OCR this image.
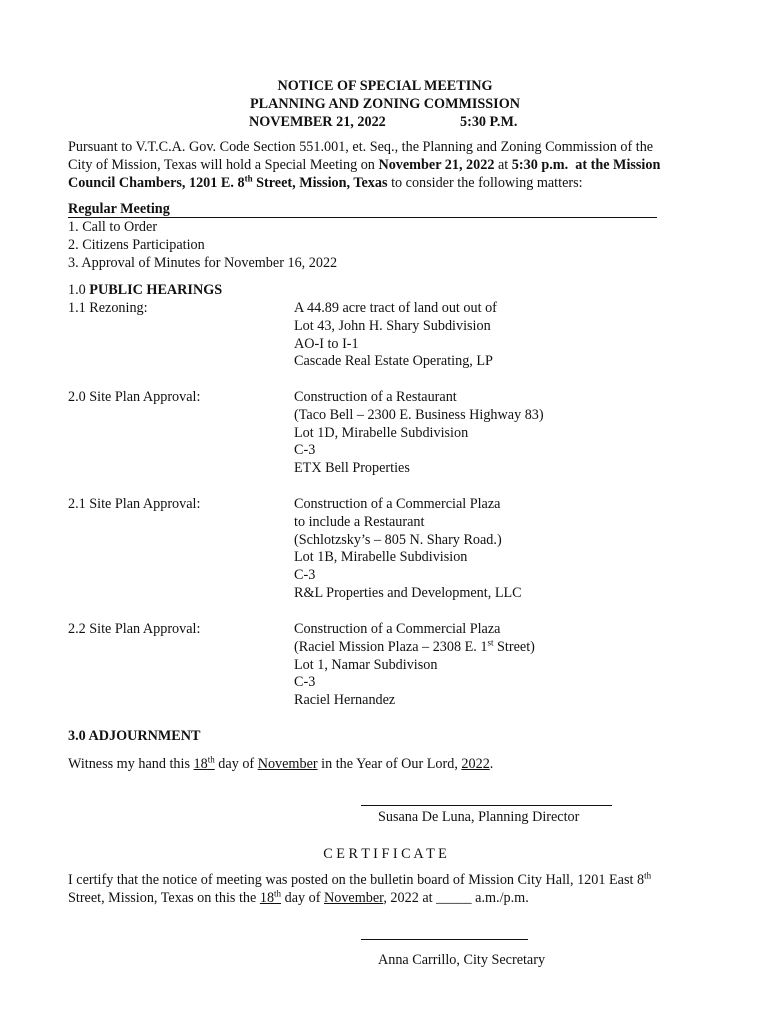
NOTICE OF SPECIAL MEETING
PLANNING AND ZONING COMMISSION
NOVEMBER 21, 2022	5:30 P.M.
Pursuant to V.T.C.A. Gov. Code Section 551.001, et. Seq., the Planning and Zoning Commission of the
City of Mission, Texas will hold a Special Meeting on November 21, 2022 at 5:30 p.m.  at the Mission
Council Chambers, 1201 E. 8th Street, Mission, Texas to consider the following matters:
Regular Meeting
1. Call to Order
2. Citizens Participation
3. Approval of Minutes for November 16, 2022
1.0 PUBLIC HEARINGS
1.1 Rezoning:	A 44.89 acre tract of land out out of
Lot 43, John H. Shary Subdivision
AO-I to I-1
Cascade Real Estate Operating, LP
2.0 Site Plan Approval:	Construction of a Restaurant
(Taco Bell – 2300 E. Business Highway 83)
Lot 1D, Mirabelle Subdivision
C-3
ETX Bell Properties
2.1 Site Plan Approval:	Construction of a Commercial Plaza
to include a Restaurant
(Schlotzsky’s – 805 N. Shary Road.)
Lot 1B, Mirabelle Subdivision
C-3
R&L Properties and Development, LLC
2.2 Site Plan Approval:	Construction of a Commercial Plaza
(Raciel Mission Plaza – 2308 E. 1st Street)
Lot 1, Namar Subdivison
C-3
Raciel Hernandez
3.0 ADJOURNMENT
Witness my hand this 18th day of November in the Year of Our Lord, 2022.
Susana De Luna, Planning Director
C E R T I F I C A T E
I certify that the notice of meeting was posted on the bulletin board of Mission City Hall, 1201 East 8th
Street, Mission, Texas on this the 18th day of November, 2022 at _____ a.m./p.m.
Anna Carrillo, City Secretary
